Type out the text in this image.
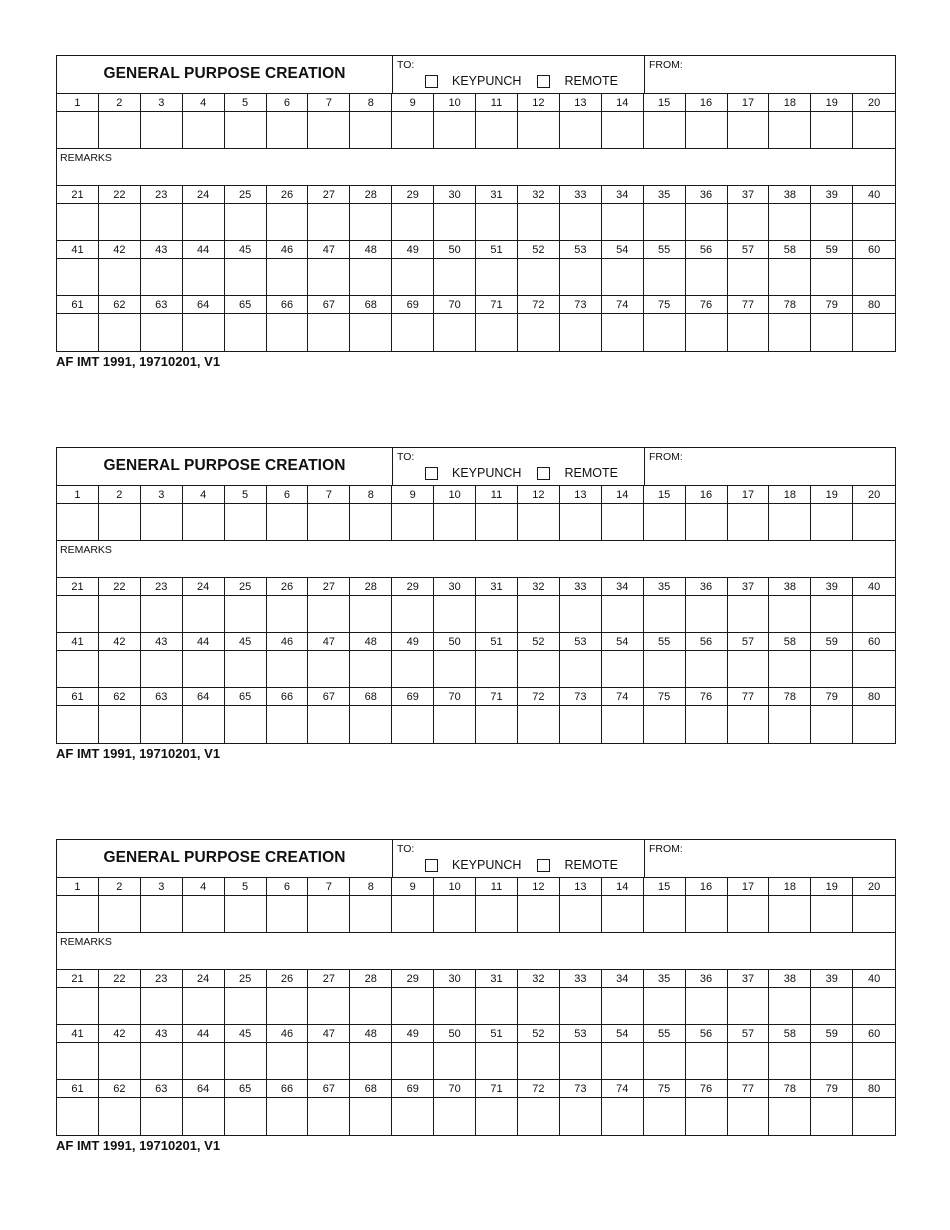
GENERAL PURPOSE CREATION	TO:
KEYPUNCH	REMOTE
FROM:
1	2	3	4	5	6	7	8	9	10	11	12	13	14	15	16	17	18	19	20
REMARKS
21	22	23	24	25	26	27	28	29	30	31	32	33	34	35	36	37	38	39	40
41	42	43	44	45	46	47	48	49	50	51	52	53	54	55	56	57	58	59	60
61	62	63	64	65	66	67	68	69	70	71	72	73	74	75	76	77	78	79	80
AF IMT 1991, 19710201, V1
GENERAL PURPOSE CREATION	TO:
KEYPUNCH	REMOTE
FROM:
1	2	3	4	5	6	7	8	9	10	11	12	13	14	15	16	17	18	19	20
REMARKS
21	22	23	24	25	26	27	28	29	30	31	32	33	34	35	36	37	38	39	40
41	42	43	44	45	46	47	48	49	50	51	52	53	54	55	56	57	58	59	60
61	62	63	64	65	66	67	68	69	70	71	72	73	74	75	76	77	78	79	80
AF IMT 1991, 19710201, V1
GENERAL PURPOSE CREATION	TO:
KEYPUNCH	REMOTE
FROM:
1	2	3	4	5	6	7	8	9	10	11	12	13	14	15	16	17	18	19	20
REMARKS
21	22	23	24	25	26	27	28	29	30	31	32	33	34	35	36	37	38	39	40
41	42	43	44	45	46	47	48	49	50	51	52	53	54	55	56	57	58	59	60
61	62	63	64	65	66	67	68	69	70	71	72	73	74	75	76	77	78	79	80
AF IMT 1991, 19710201, V1
